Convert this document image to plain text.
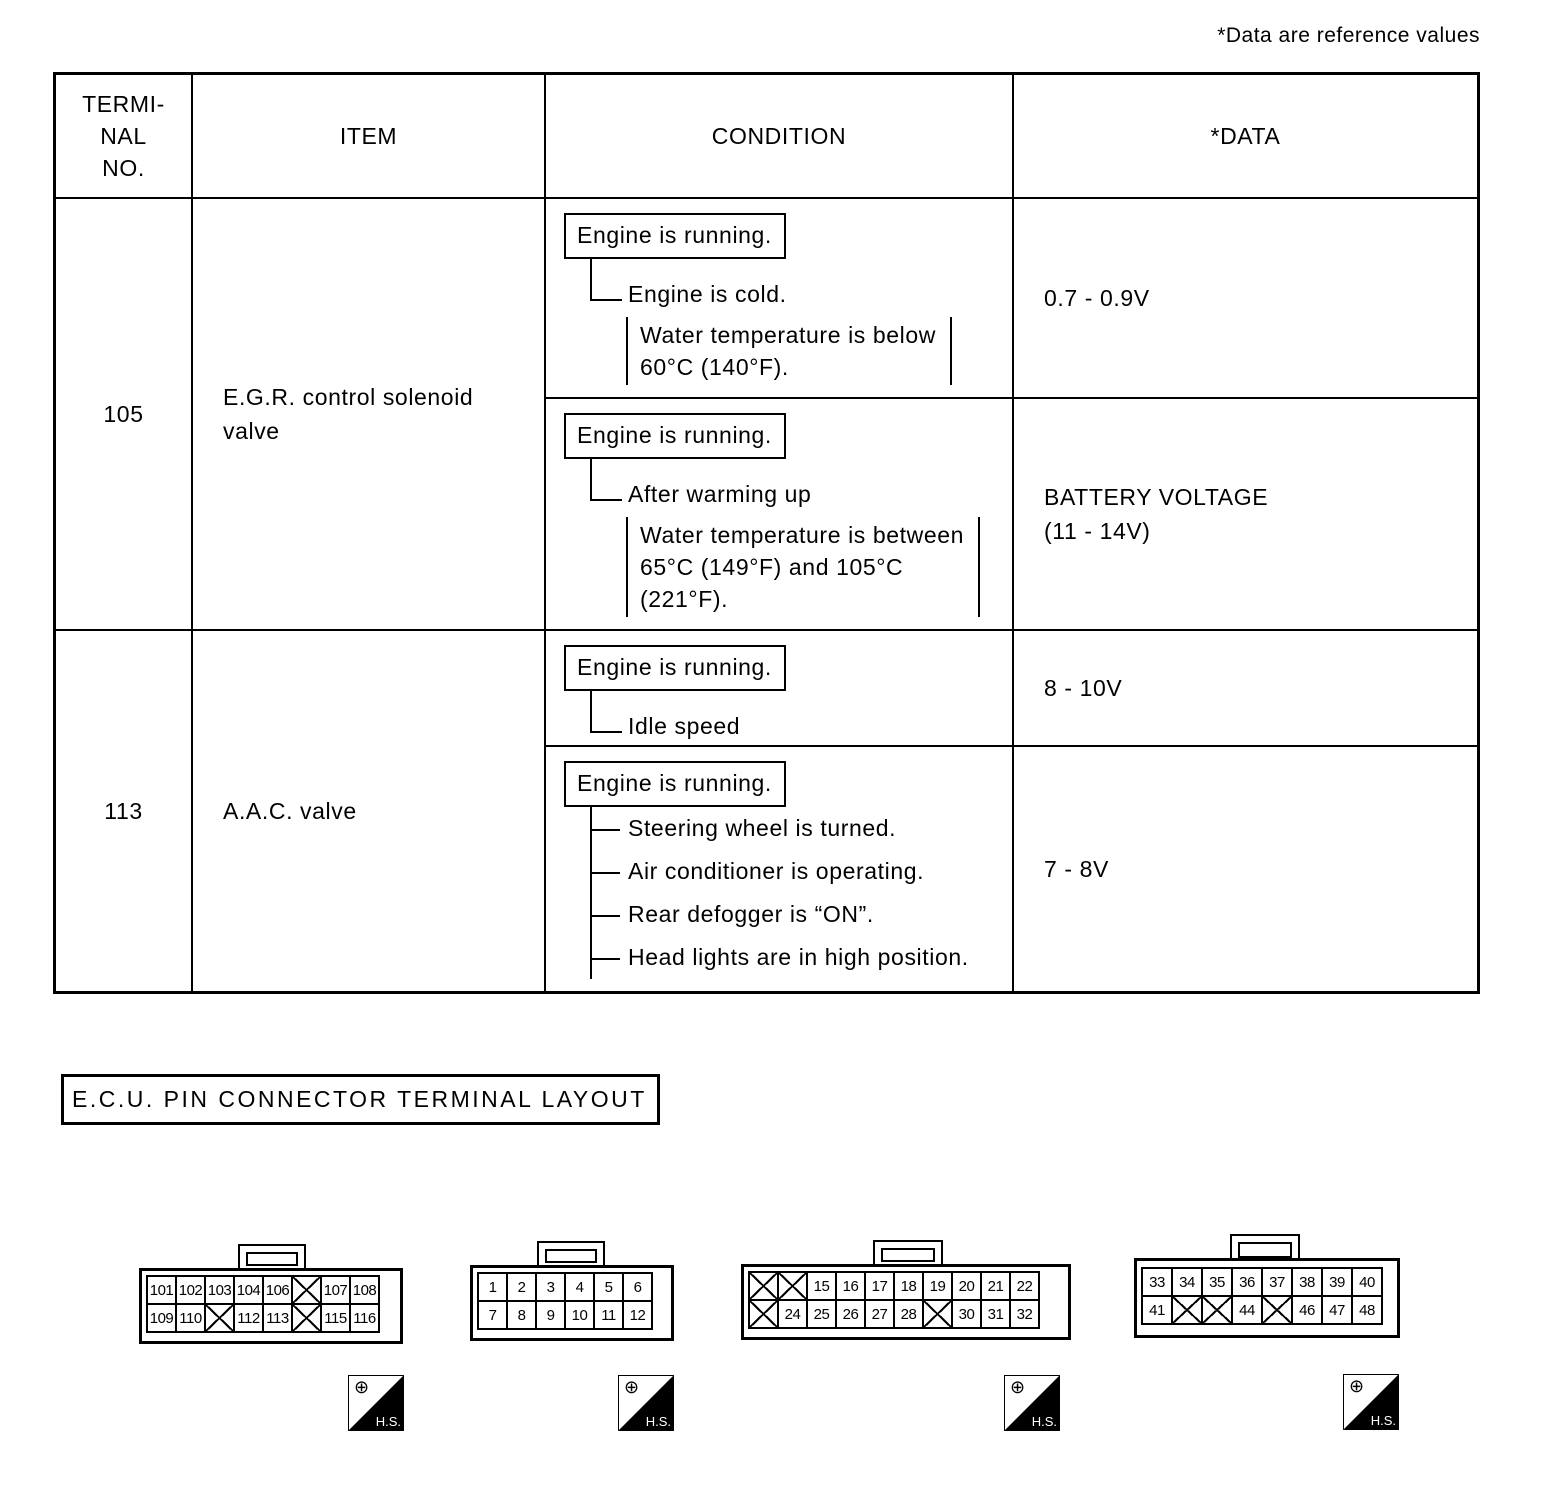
*Data are reference values
TERMI-
NAL
NO.	ITEM	CONDITION	*DATA
105	E.G.R. control solenoid
valve	Engine is running.
Engine is cold.
Water temperature is below
60°C (140°F).	0.7 - 0.9V
		Engine is running.
After warming up
Water temperature is between
65°C (149°F) and 105°C
(221°F).	BATTERY VOLTAGE
(11 - 14V)
113	A.A.C. valve	Engine is running.
Idle speed	8 - 10V
		Engine is running.
Steering wheel is turned.
Air conditioner is operating.
Rear defogger is “ON”.
Head lights are in high position.	7 - 8V
E.C.U. PIN CONNECTOR TERMINAL LAYOUT
101 102 103 104 106 107 108
109 110 112 113 115 116
1	2	3	4	5	6
7	8	9	10 11 12
15 16 17 18 19 20 21 22
24 25 26 27 28	30 31 32
33 34 35 36 37 38 39 40
41	44	46 47 48
⊕
H.S.
⊕
H.S.
⊕
H.S.
⊕
H.S.
